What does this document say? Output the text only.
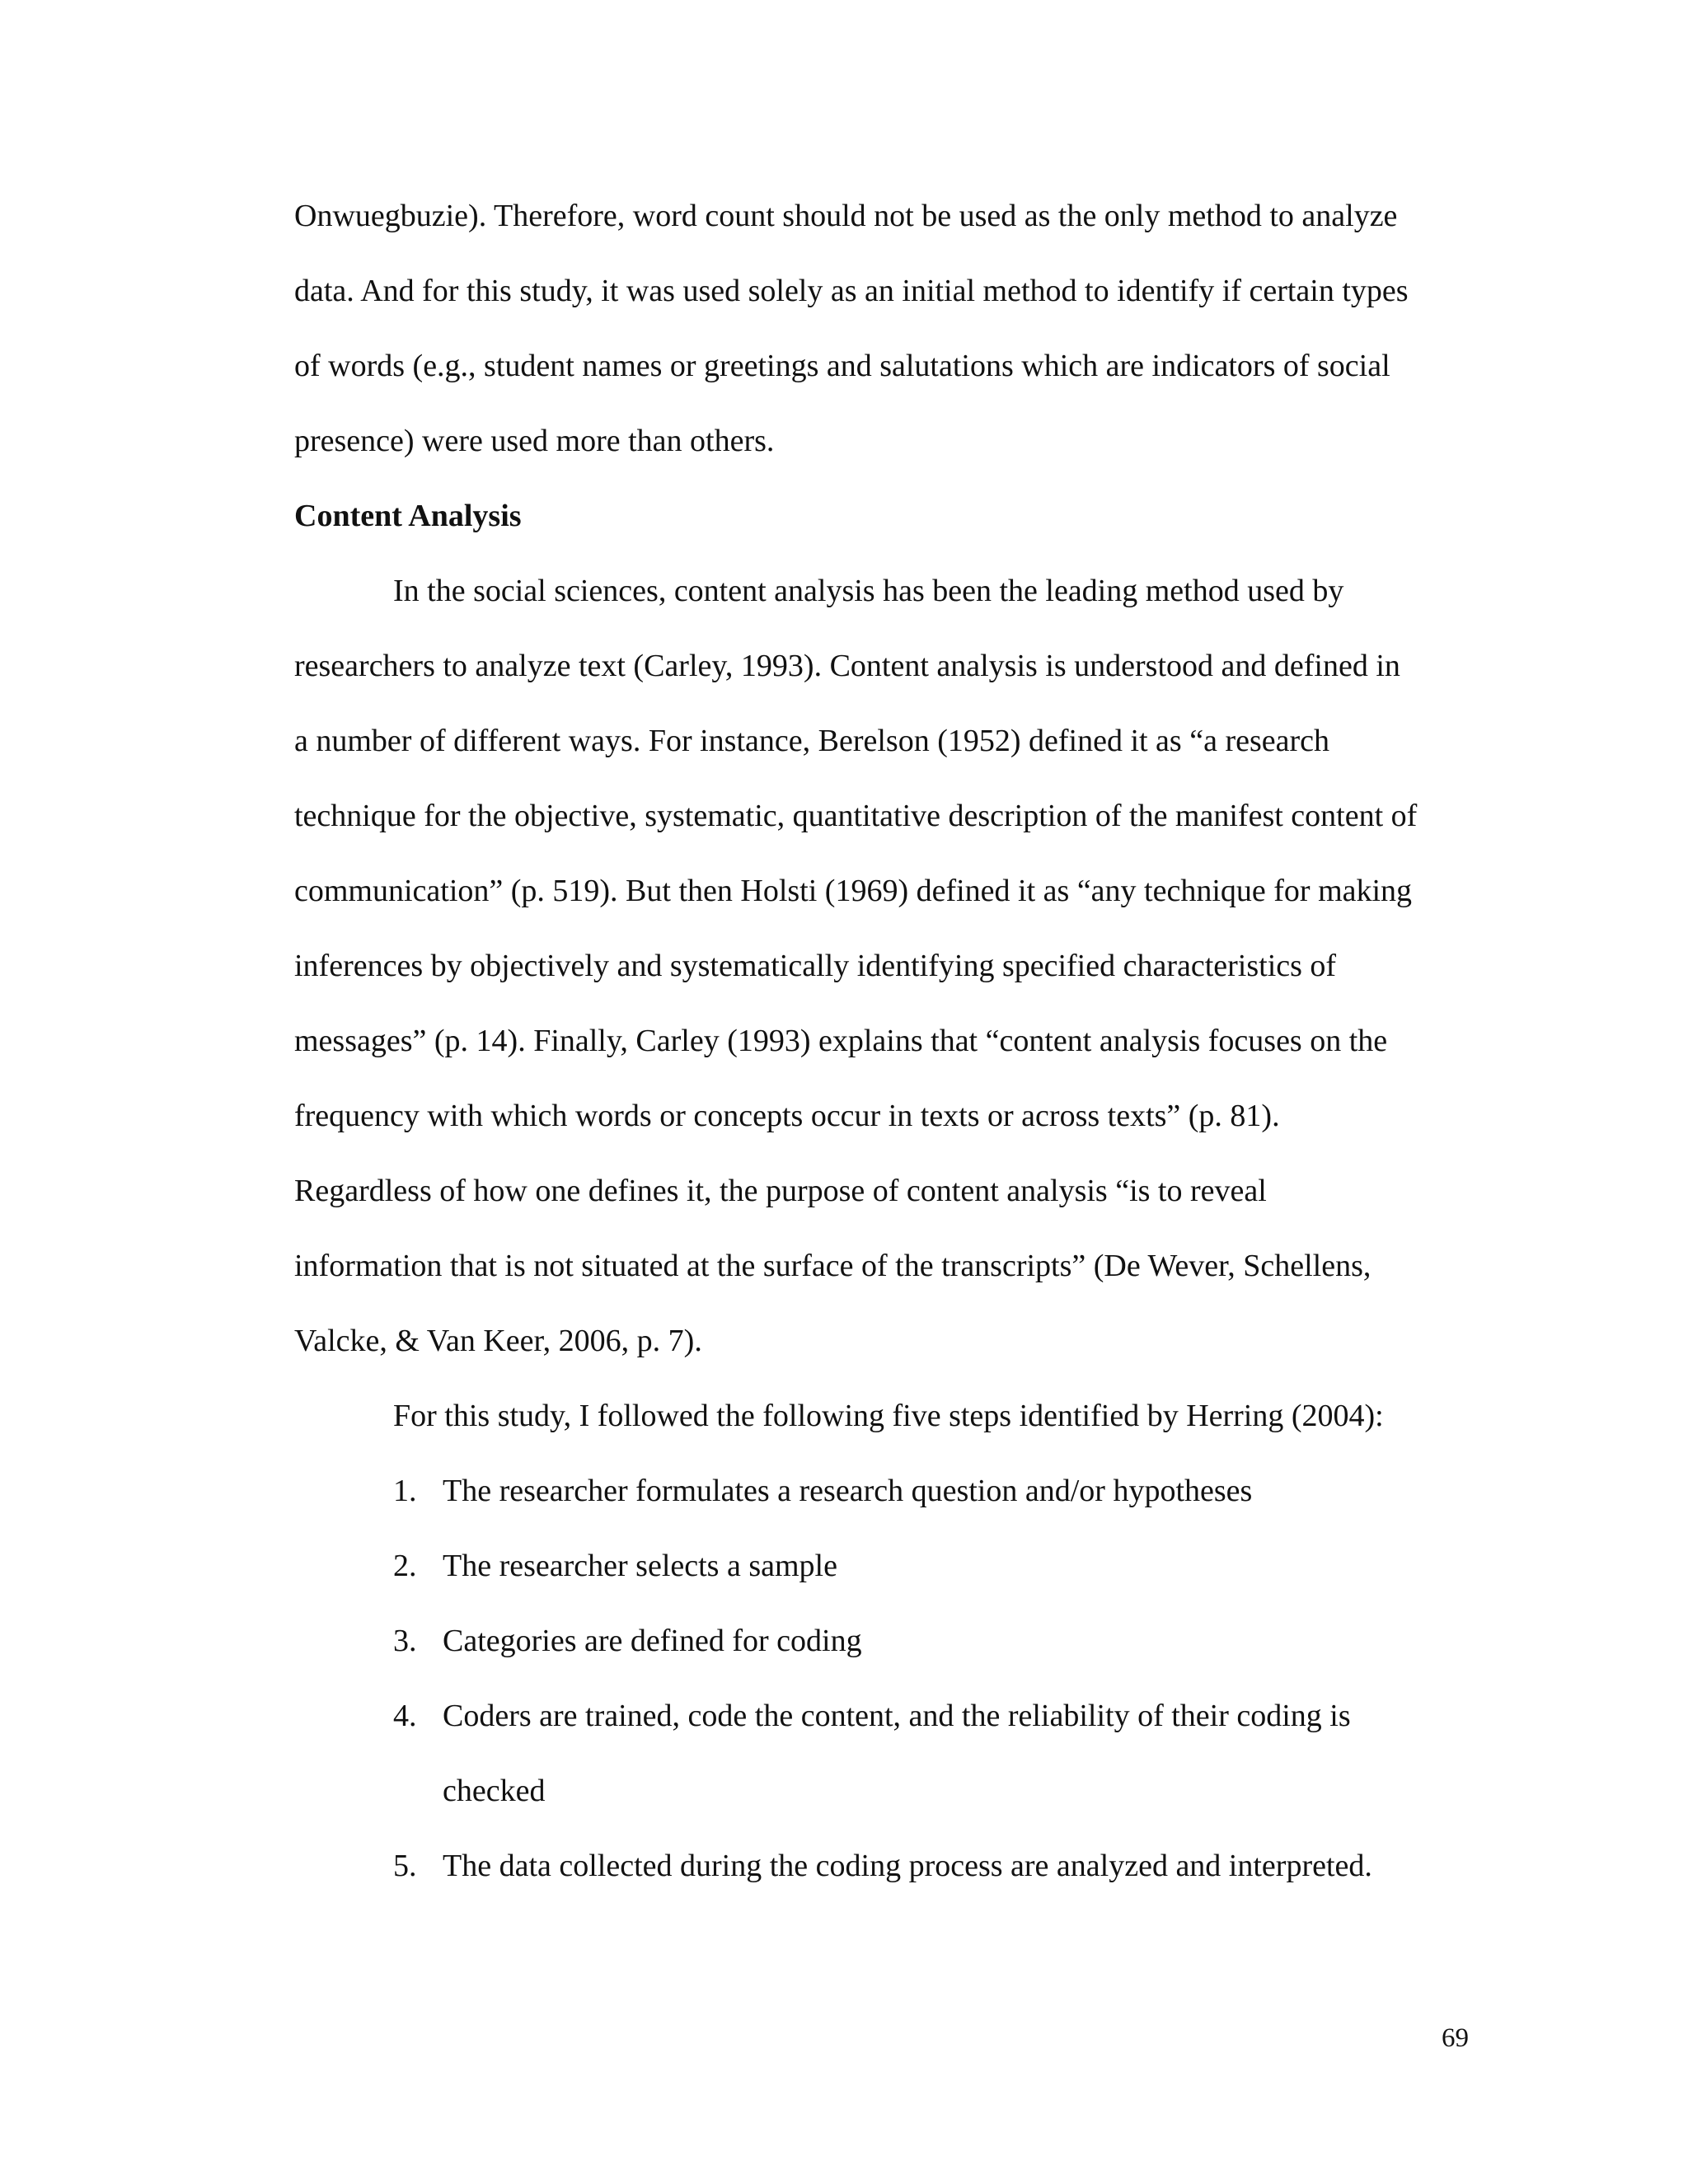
Onwuegbuzie). Therefore, word count should not be used as the only method to analyze
data. And for this study, it was used solely as an initial method to identify if certain types
of words (e.g., student names or greetings and salutations which are indicators of social
presence) were used more than others.
Content Analysis
In the social sciences, content analysis has been the leading method used by
researchers to analyze text (Carley, 1993). Content analysis is understood and defined in
a number of different ways. For instance, Berelson (1952) defined it as “a research
technique for the objective, systematic, quantitative description of the manifest content of
communication” (p. 519). But then Holsti (1969) defined it as “any technique for making
inferences by objectively and systematically identifying specified characteristics of
messages” (p. 14). Finally, Carley (1993) explains that “content analysis focuses on the
frequency with which words or concepts occur in texts or across texts” (p. 81).
Regardless of how one defines it, the purpose of content analysis “is to reveal
information that is not situated at the surface of the transcripts” (De Wever, Schellens,
Valcke, & Van Keer, 2006, p. 7).
For this study, I followed the following five steps identified by Herring (2004):
1. The researcher formulates a research question and/or hypotheses
2. The researcher selects a sample
3. Categories are defined for coding
4. Coders are trained, code the content, and the reliability of their coding is
checked
5. The data collected during the coding process are analyzed and interpreted.
69
